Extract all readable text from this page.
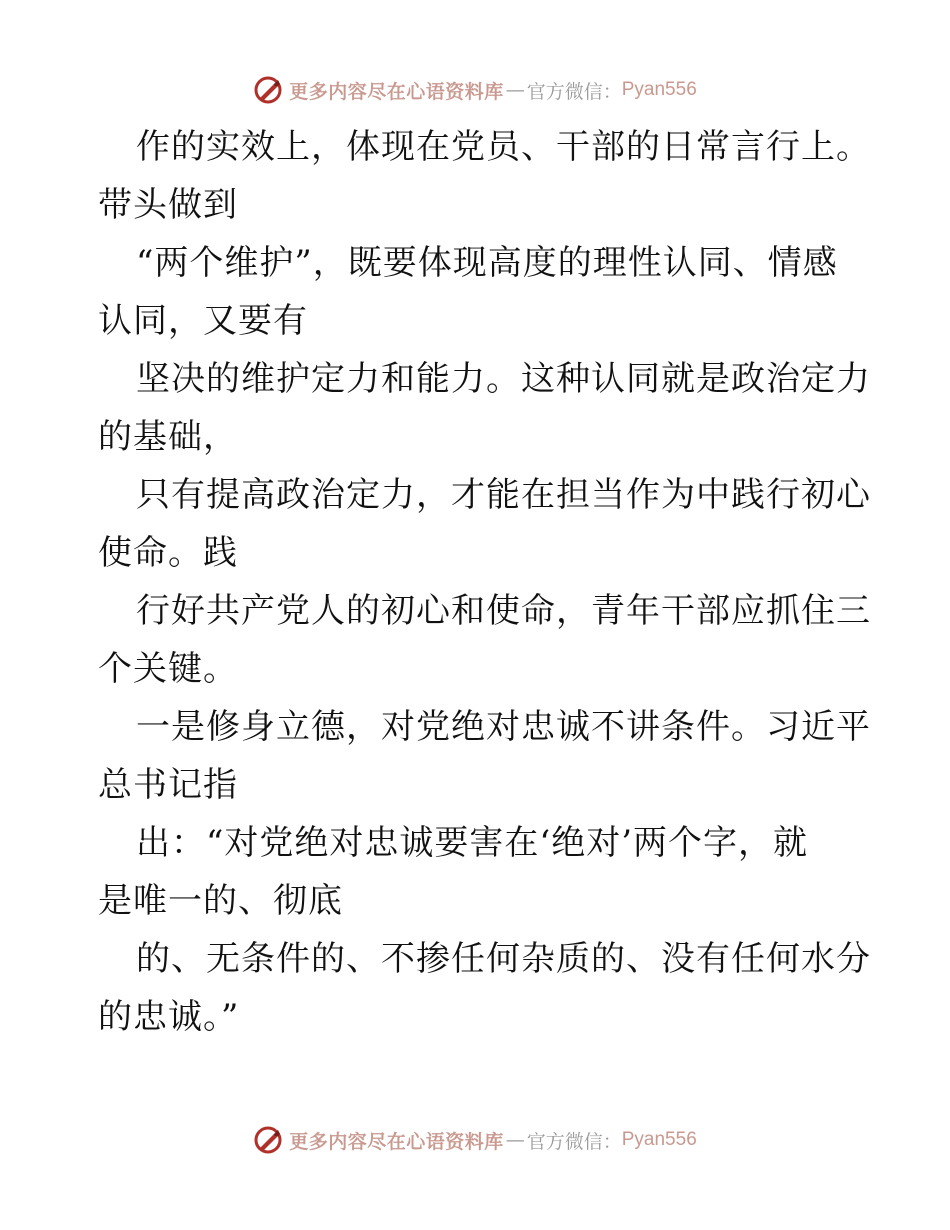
更多内容尽在心语资料库 — 官方微信： Pyan556
作的实效上，体现在党员、干部的日常言行上。
带头做到
“两个维护”，既要体现高度的理性认同、情感
认同，又要有
坚决的维护定力和能力。这种认同就是政治定力
的基础，
只有提高政治定力，才能在担当作为中践行初心
使命。践
行好共产党人的初心和使命，青年干部应抓住三
个关键。
一是修身立德，对党绝对忠诚不讲条件。习近平
总书记指
出：“对党绝对忠诚要害在‘绝对’两个字，就
是唯一的、彻底
的、无条件的、不掺任何杂质的、没有任何水分
的忠诚。”
更多内容尽在心语资料库 — 官方微信： Pyan556
